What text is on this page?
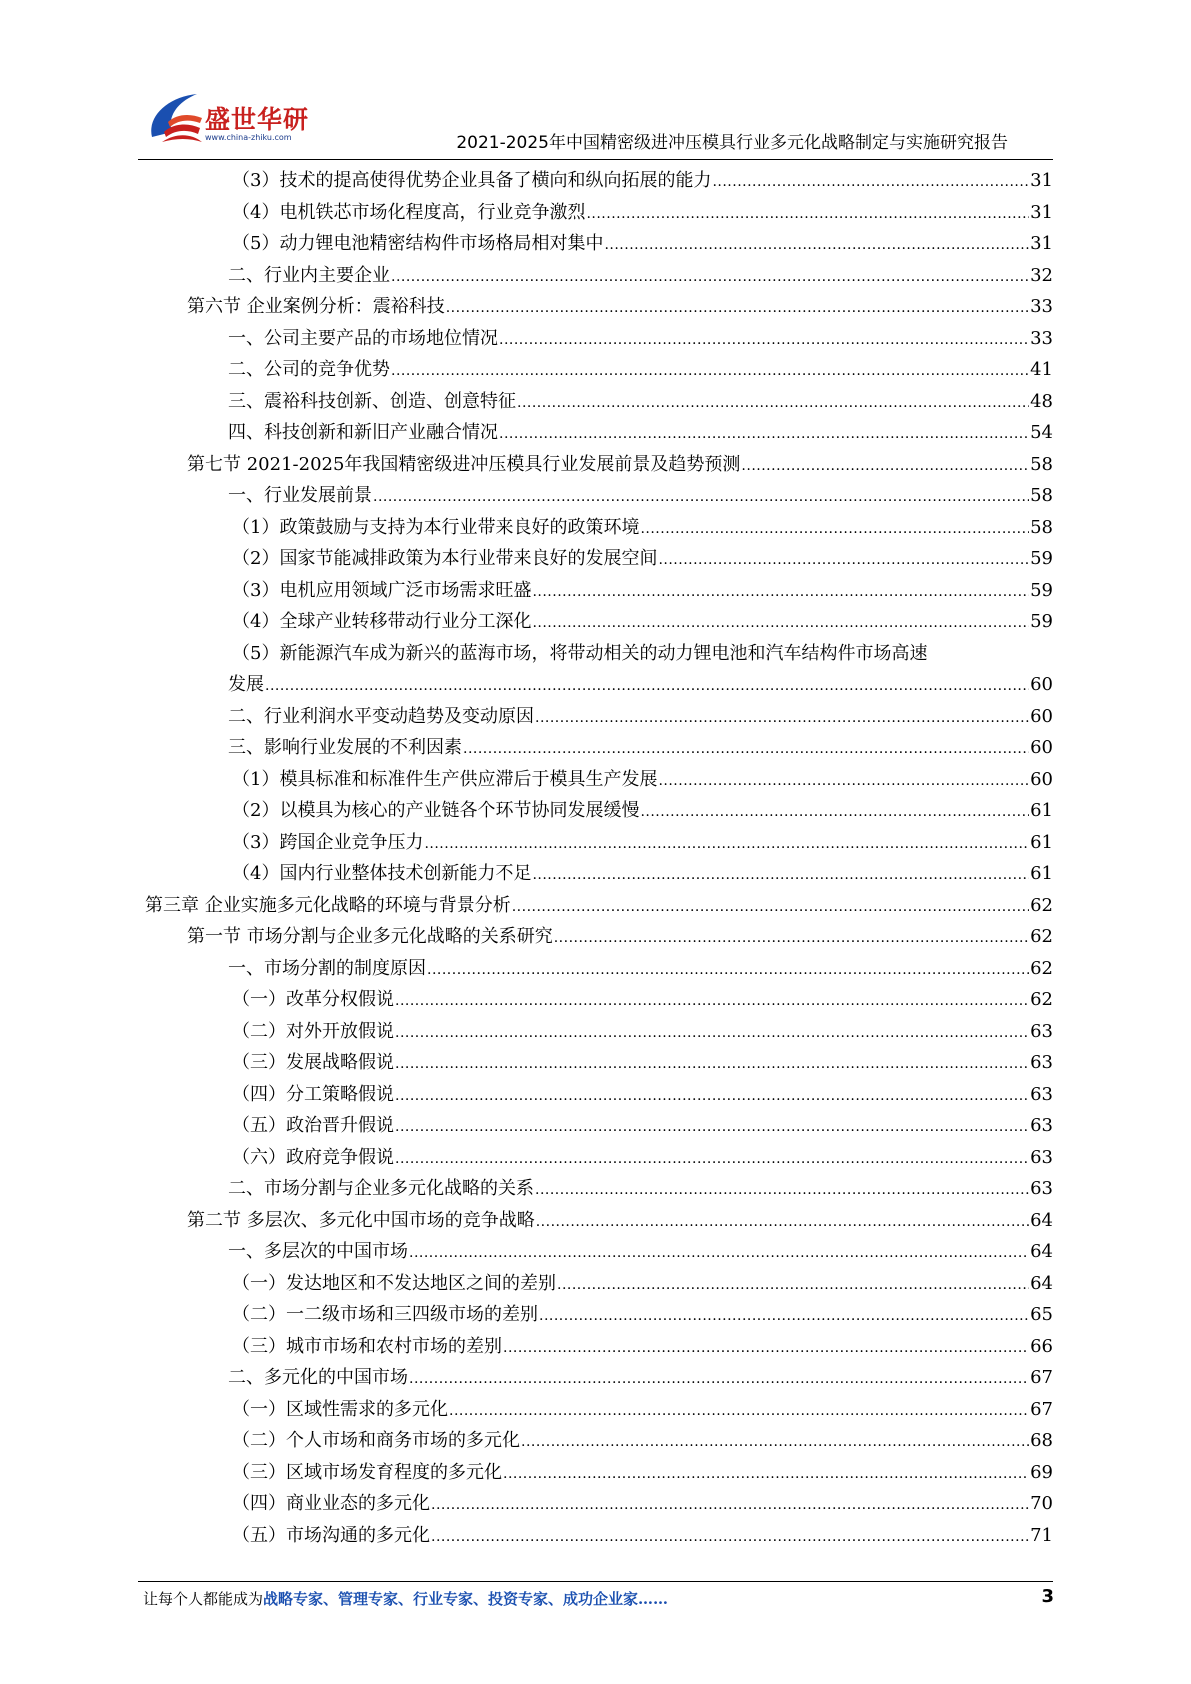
盛世华研
www.china-zhiku.com	2021-2025年中国精密级进冲压模具行业多元化战略制定与实施研究报告
（3）技术的提高使得优势企业具备了横向和纵向拓展的能力 .....	31
（4）电机铁芯市场化程度高，行业竞争激烈 .....	31
（5）动力锂电池精密结构件市场格局相对集中 .....	31
二、行业内主要企业 .....	32
第六节 企业案例分析：震裕科技 .....	33
一、公司主要产品的市场地位情况 .....	33
二、公司的竞争优势 .....	41
三、震裕科技创新、创造、创意特征 .....	48
四、科技创新和新旧产业融合情况 .....	54
第七节 2021-2025年我国精密级进冲压模具行业发展前景及趋势预测 .....	58
一、行业发展前景 .....	58
（1）政策鼓励与支持为本行业带来良好的政策环境 .....	58
（2）国家节能减排政策为本行业带来良好的发展空间 .....	59
（3）电机应用领域广泛市场需求旺盛 .....	59
（4）全球产业转移带动行业分工深化 .....	59
（5）新能源汽车成为新兴的蓝海市场，将带动相关的动力锂电池和汽车结构件市场高速
发展 .....	60
二、行业利润水平变动趋势及变动原因 .....	60
三、影响行业发展的不利因素 .....	60
（1）模具标准和标准件生产供应滞后于模具生产发展 .....	60
（2）以模具为核心的产业链各个环节协同发展缓慢 .....	61
（3）跨国企业竞争压力 .....	61
（4）国内行业整体技术创新能力不足 .....	61
第三章 企业实施多元化战略的环境与背景分析 .....	62
第一节 市场分割与企业多元化战略的关系研究 .....	62
一、市场分割的制度原因 .....	62
（一）改革分权假说 .....	62
（二）对外开放假说 .....	63
（三）发展战略假说 .....	63
（四）分工策略假说 .....	63
（五）政治晋升假说 .....	63
（六）政府竞争假说 .....	63
二、市场分割与企业多元化战略的关系 .....	63
第二节 多层次、多元化中国市场的竞争战略 .....	64
一、多层次的中国市场 .....	64
（一）发达地区和不发达地区之间的差别 .....	64
（二）一二级市场和三四级市场的差别 .....	65
（三）城市市场和农村市场的差别 .....	66
二、多元化的中国市场 .....	67
（一）区域性需求的多元化 .....	67
（二）个人市场和商务市场的多元化 .....	68
（三）区域市场发育程度的多元化 .....	69
（四）商业业态的多元化 .....	70
（五）市场沟通的多元化 .....	71
让每个人都能成为战略专家、管理专家、行业专家、投资专家、成功企业家……	3
